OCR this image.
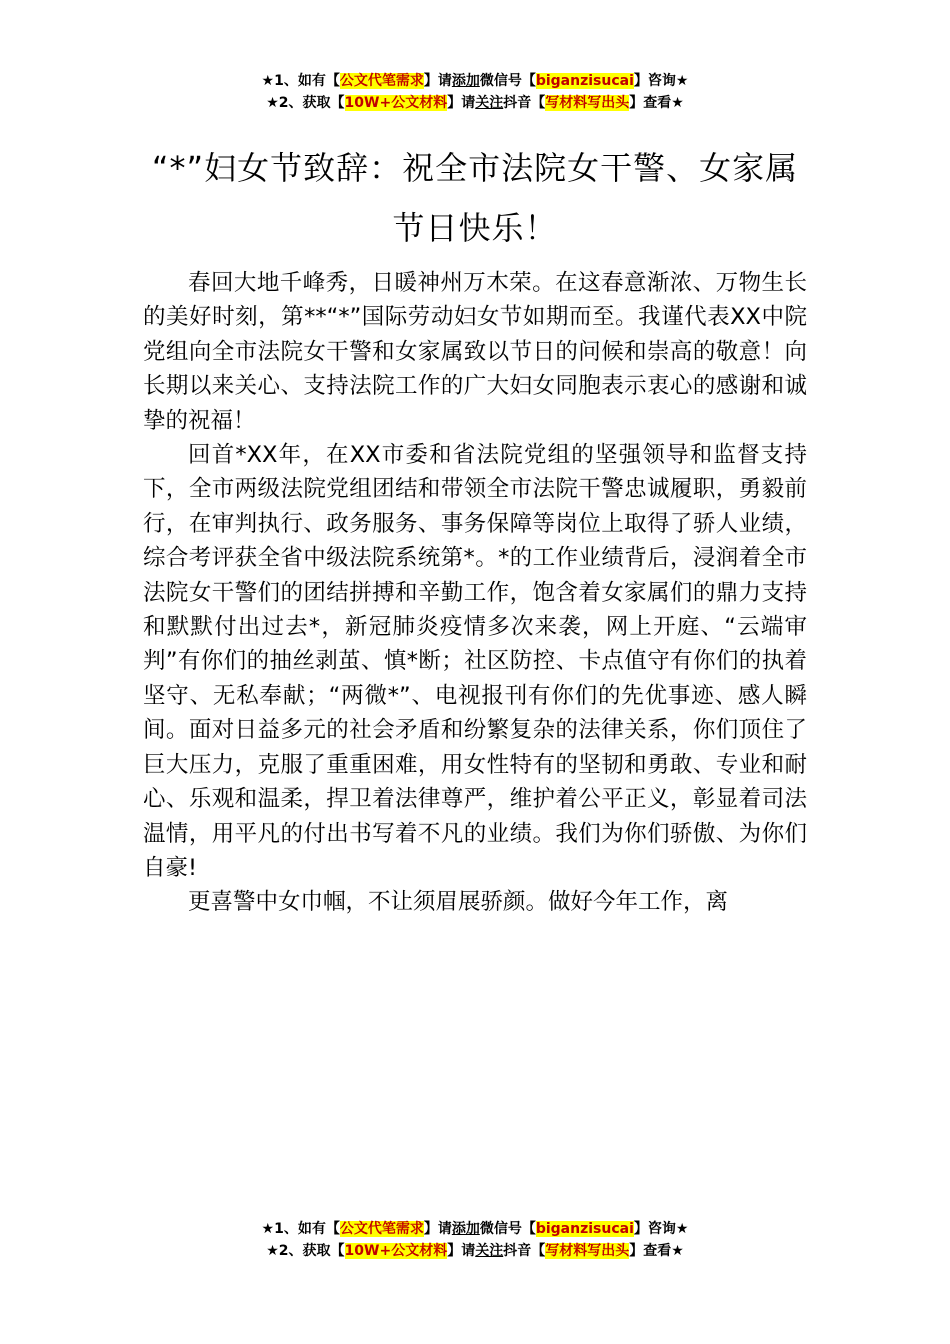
★1、如有【公文代笔需求】请添加微信号【biganzisucai】咨询★
★2、获取【10W+公文材料】请关注抖音【写材料写出头】查看★
“*”妇女节致辞：祝全市法院女干警、女家属节日快乐！

春回大地千峰秀，日暖神州万木荣。在这春意渐浓、万物生长的美好时刻，第**“*”国际劳动妇女节如期而至。我谨代表XX中院党组向全市法院女干警和女家属致以节日的问候和崇高的敬意！向长期以来关心、支持法院工作的广大妇女同胞表示衷心的感谢和诚挚的祝福！

回首*XX年，在XX市委和省法院党组的坚强领导和监督支持下，全市两级法院党组团结和带领全市法院干警忠诚履职，勇毅前行，在审判执行、政务服务、事务保障等岗位上取得了骄人业绩，综合考评获全省中级法院系统第*。*的工作业绩背后，浸润着全市法院女干警们的团结拼搏和辛勤工作，饱含着女家属们的鼎力支持和默默付出过去*，新冠肺炎疫情多次来袭，网上开庭、“云端审判”有你们的抽丝剥茧、慎*断；社区防控、卡点值守有你们的执着坚守、无私奉献；“两微*”、电视报刊有你们的先优事迹、感人瞬间。面对日益多元的社会矛盾和纷繁复杂的法律关系，你们顶住了巨大压力，克服了重重困难，用女性特有的坚韧和勇敢、专业和耐心、乐观和温柔，捍卫着法律尊严，维护着公平正义，彰显着司法温情，用平凡的付出书写着不凡的业绩。我们为你们骄傲、为你们自豪!

更喜警中女巾帼，不让须眉展骄颜。做好今年工作，离

★1、如有【公文代笔需求】请添加微信号【biganzisucai】咨询★
★2、获取【10W+公文材料】请关注抖音【写材料写出头】查看★
